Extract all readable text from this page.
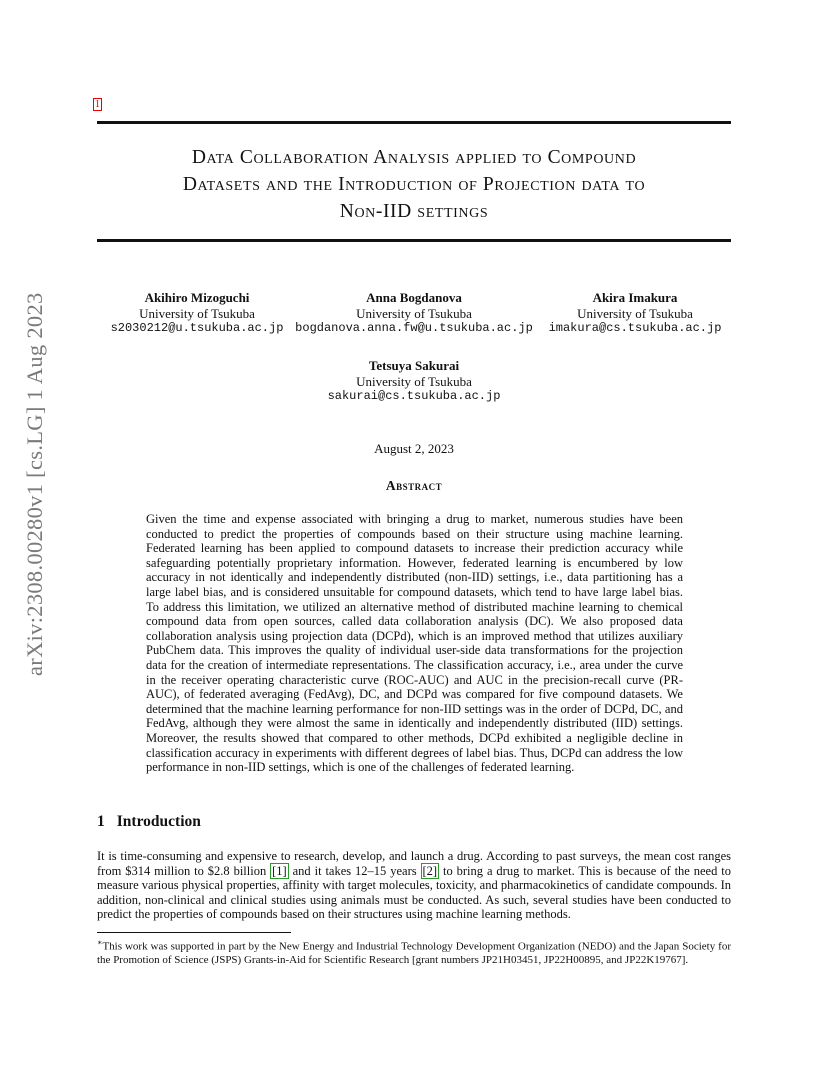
arXiv:2308.00280v1 [cs.LG] 1 Aug 2023
1
Data Collaboration Analysis applied to Compound
Datasets and the Introduction of Projection data to
Non-IID settings
Akihiro Mizoguchi
University of Tsukuba
s2030212@u.tsukuba.ac.jp
Anna Bogdanova
University of Tsukuba
bogdanova.anna.fw@u.tsukuba.ac.jp
Akira Imakura
University of Tsukuba
imakura@cs.tsukuba.ac.jp
Tetsuya Sakurai
University of Tsukuba
sakurai@cs.tsukuba.ac.jp
August 2, 2023
Abstract
Given the time and expense associated with bringing a drug to market, numerous studies have been conducted to predict the properties of compounds based on their structure using machine learning. Federated learning has been applied to compound datasets to increase their prediction accuracy while safeguarding potentially proprietary information. However, federated learning is encumbered by low accuracy in not identically and independently distributed (non-IID) settings, i.e., data partitioning has a large label bias, and is considered unsuitable for compound datasets, which tend to have large label bias. To address this limitation, we utilized an alternative method of distributed machine learning to chemical compound data from open sources, called data collaboration analysis (DC). We also proposed data collaboration analysis using projection data (DCPd), which is an improved method that utilizes auxiliary PubChem data. This improves the quality of individual user-side data transformations for the projection data for the creation of intermediate representations. The classification accuracy, i.e., area under the curve in the receiver operating characteristic curve (ROC-AUC) and AUC in the precision-recall curve (PR-AUC), of federated averaging (FedAvg), DC, and DCPd was compared for five compound datasets. We determined that the machine learning performance for non-IID settings was in the order of DCPd, DC, and FedAvg, although they were almost the same in identically and independently distributed (IID) settings. Moreover, the results showed that compared to other methods, DCPd exhibited a negligible decline in classification accuracy in experiments with different degrees of label bias. Thus, DCPd can address the low performance in non-IID settings, which is one of the challenges of federated learning.
1 Introduction
It is time-consuming and expensive to research, develop, and launch a drug. According to past surveys, the mean cost ranges from $314 million to $2.8 billion [1] and it takes 12–15 years [2] to bring a drug to market. This is because of the need to measure various physical properties, affinity with target molecules, toxicity, and pharmacokinetics of candidate compounds. In addition, non-clinical and clinical studies using animals must be conducted. As such, several studies have been conducted to predict the properties of compounds based on their structures using machine learning methods.
∗This work was supported in part by the New Energy and Industrial Technology Development Organization (NEDO) and the Japan Society for the Promotion of Science (JSPS) Grants-in-Aid for Scientific Research [grant numbers JP21H03451, JP22H00895, and JP22K19767].
